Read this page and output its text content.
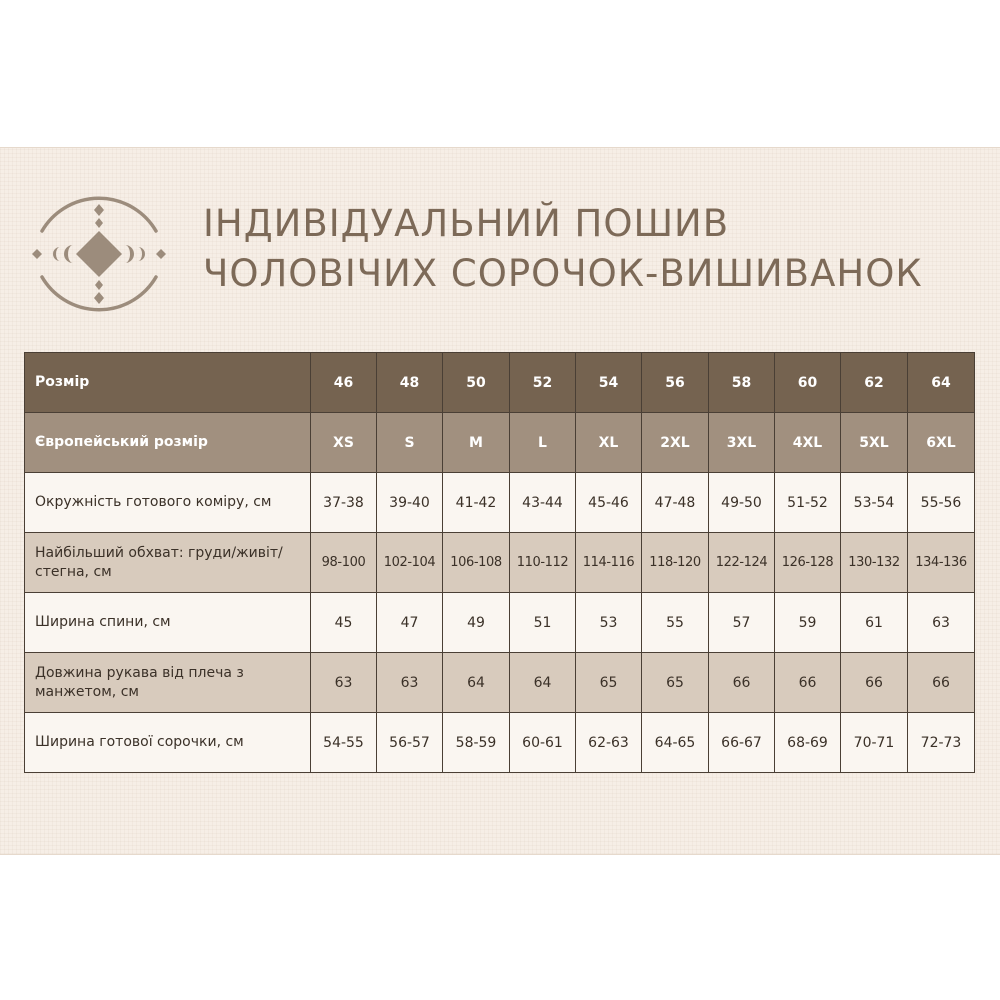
ІНДИВІДУАЛЬНИЙ ПОШИВ
ЧОЛОВІЧИХ СОРОЧОК-ВИШИВАНОК
Розмір	46	48	50	52	54	56	58	60	62	64
Європейський розмір	XS	S	M	L	XL	2XL	3XL	4XL	5XL	6XL
Окружність готового коміру, см	37-38	39-40	41-42	43-44	45-46	47-48	49-50	51-52	53-54	55-56
Найбільший обхват: груди/живіт/стегна, см	98-100	102-104	106-108	110-112	114-116	118-120	122-124	126-128	130-132	134-136
Ширина спини, см	45	47	49	51	53	55	57	59	61	63
Довжина рукава від плеча з манжетом, см	63	63	64	64	65	65	66	66	66	66
Ширина готової сорочки, см	54-55	56-57	58-59	60-61	62-63	64-65	66-67	68-69	70-71	72-73
